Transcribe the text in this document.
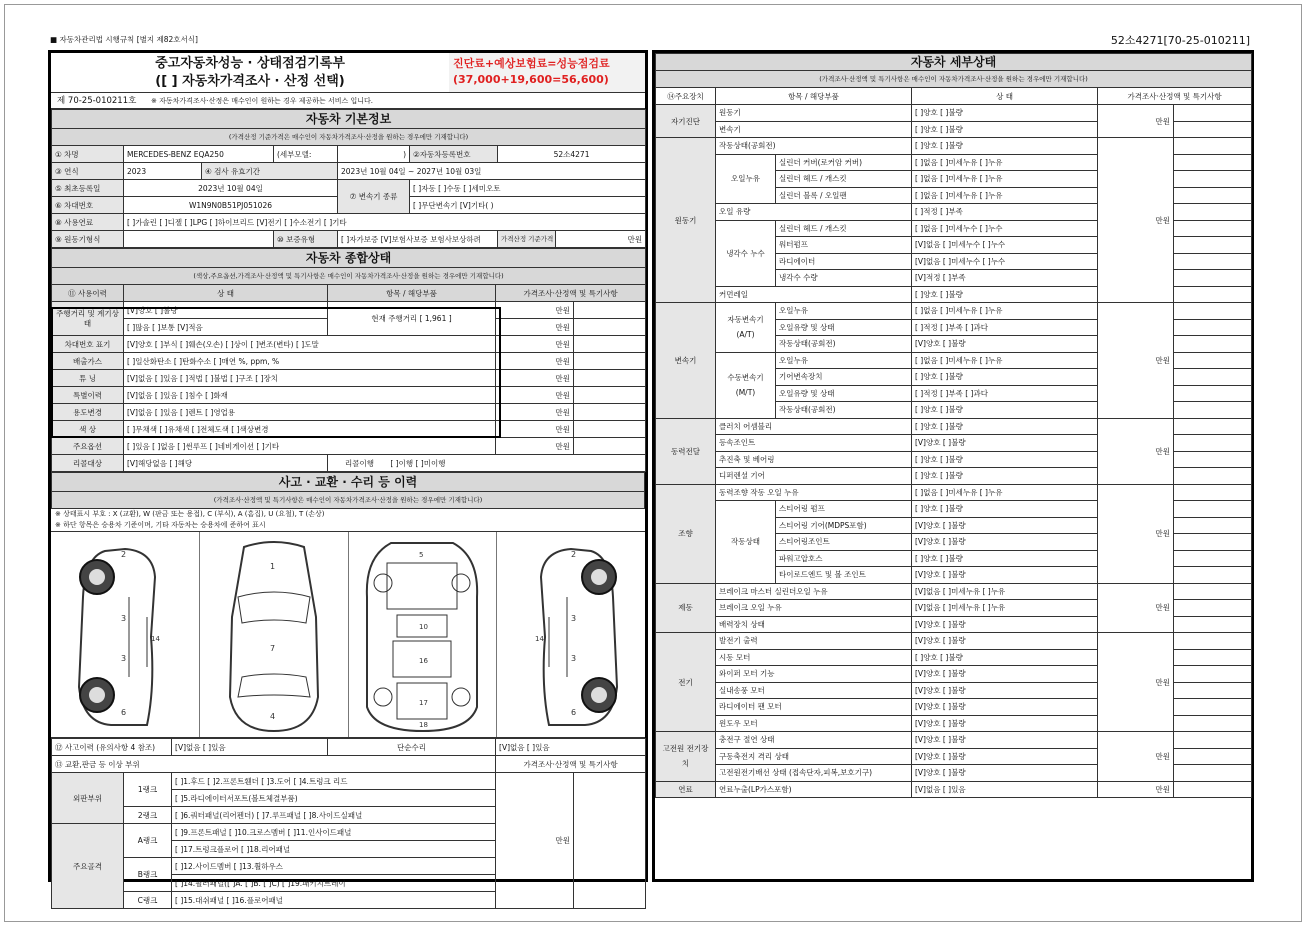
■ 자동차관리법 시행규칙 [별지 제82호서식]	52소4271[70-25-010211]
중고자동차성능 · 상태점검기록부
([ ] 자동차가격조사 · 산정 선택)
진단료+예상보험료=성능점검료
(37,000+19,600=56,600)
제 70-25-010211호 ※ 자동차가격조사·산정은 매수인이 원하는 경우 제공하는 서비스 입니다.
자동차 기본정보							
(가격산정 기준가격은 매수인이 자동차가격조사·산정을 원하는 경우에만 기재합니다)							
① 차명	MERCEDES-BENZ EQA250		(세부모델:	)	②자동차등록번호	52소4271	
③ 연식	2023	④ 검사 유효기간		2023년 10월 04일 ~ 2027년 10월 03일			
⑤ 최초등록일	2023년 10월 04일			⑦ 변속기 종류	[ ]자동 [ ]수동 [ ]세미오토		
⑥ 차대번호	W1N9N0B51PJ051026				[ ]무단변속기 [V]기타( )		
⑧ 사용연료	[ ]가솔린 [ ]디젤 [ ]LPG [ ]하이브리드 [V]전기 [ ]수소전기 [ ]기타						
⑨ 원동기형식			⑩ 보증유형	[ ]자가보증 [V]보험사보증 보험사보상하려		가격산정 기준가격	만원
자동차 종합상태				
(색상,주요옵션,가격조사·산정액 및 특기사항은 매수인이 자동차가격조사·산정을 원하는 경우에만 기재합니다)				
⑪ 사용이력	상 태	항목 / 해당부품	가격조사·산정액 및 특기사항	
주행거리 및 계기상태	[V]양호 [ ]불량	현재 주행거리 [ 1,961 ]	만원	
	[ ]많음 [ ]보통 [V]적음		만원	
차대번호 표기	[V]양호 [ ]부식 [ ]훼손(오손) [ ]상이 [ ]변조(변타) [ ]도말		만원	
배출가스	[ ]일산화탄소 [ ]탄화수소 [ ]매연 %, ppm, %		만원	
튜 닝	[V]없음 [ ]있음 [ ]적법 [ ]불법 [ ]구조 [ ]장치		만원	
특별이력	[V]없음 [ ]있음 [ ]침수 [ ]화재		만원	
용도변경	[V]없음 [ ]있음 [ ]렌트 [ ]영업용		만원	
색 상	[ ]무채색 [ ]유채색 [ ]전체도색 [ ]색상변경		만원	
주요옵션	[ ]있음 [ ]없음 [ ]썬루프 [ ]네비게이션 [ ]기타		만원	
리콜대상	[V]해당없음 [ ]해당	리콜이행 [ ]이행 [ ]미이행		
사고 · 교환 · 수리 등 이력
(가격조사·산정액 및 특기사항은 매수인이 자동차가격조사·산정을 원하는 경우에만 기재합니다)
※ 상태표시 부호 : X (교환), W (판금 또는 용접), C (부식), A (흠집), U (요철), T (손상)
※ 하단 항목은 승용차 기준이며, 기타 자동차는 승용차에 준하여 표시
2
3
3
6
14
1
7
4
5
10
16
17
18
2
3
3
6
14
⑫ 사고이력 (유의사항 4 참조)		[V]없음 [ ]있음	단순수리	[V]없음 [ ]있음	
⑬ 교환,판금 등 이상 부위				가격조사·산정액 및 특기사항	
외판부위	1랭크	[ ]1.후드 [ ]2.프론트휀더 [ ]3.도어 [ ]4.트렁크 리드		만원	
		[ ]5.라디에이터서포트(볼트체결부품)			
	2랭크	[ ]6.쿼터패널(리어펜더) [ ]7.루프패널 [ ]8.사이드실패널			
주요골격	A랭크	[ ]9.프론트패널 [ ]10.크로스멤버 [ ]11.인사이드패널			
		[ ]17.트렁크플로어 [ ]18.리어패널			
	B랭크	[ ]12.사이드멤버 [ ]13.휠하우스			
		[ ]14.필러패널([ ]A. [ ]B. [ ]C) [ ]19.패키지트레이			
	C랭크	[ ]15.대쉬패널 [ ]16.플로어패널			
자동차 세부상태					
(가격조사·산정액 및 특기사항은 매수인이 자동차가격조사·산정을 원하는 경우에만 기재합니다)					
⑭주요장치	항목 / 해당부품		상 태	가격조사·산정액 및 특기사항	
자기진단	원동기		[ ]양호 [ ]불량	만원	
	변속기		[ ]양호 [ ]불량		
원동기	작동상태(공회전)		[ ]양호 [ ]불량	만원	
	오일누유	실린더 커버(로커암 커버)	[ ]없음 [ ]미세누유 [ ]누유		
		실린더 헤드 / 개스킷	[ ]없음 [ ]미세누유 [ ]누유		
		실린더 블록 / 오일팬	[ ]없음 [ ]미세누유 [ ]누유		
	오일 유량		[ ]적정 [ ]부족		
	냉각수 누수	실린더 헤드 / 개스킷	[ ]없음 [ ]미세누수 [ ]누수		
		워터펌프	[V]없음 [ ]미세누수 [ ]누수		
		라디에이터	[V]없음 [ ]미세누수 [ ]누수		
		냉각수 수량	[V]적정 [ ]부족		
	커먼레일		[ ]양호 [ ]불량		
변속기	자동변속기 (A/T)	오일누유	[ ]없음 [ ]미세누유 [ ]누유	만원	
		오일유량 및 상태	[ ]적정 [ ]부족 [ ]과다		
		작동상태(공회전)	[V]양호 [ ]불량		
	수동변속기 (M/T)	오일누유	[ ]없음 [ ]미세누유 [ ]누유		
		기어변속장치	[ ]양호 [ ]불량		
		오일유량 및 상태	[ ]적정 [ ]부족 [ ]과다		
		작동상태(공회전)	[ ]양호 [ ]불량		
동력전달	클러치 어셈블리		[ ]양호 [ ]불량	만원	
	등속조인트		[V]양호 [ ]불량		
	추진축 및 베어링		[ ]양호 [ ]불량		
	디퍼렌셜 기어		[ ]양호 [ ]불량		
조향	동력조향 작동 오일 누유		[ ]없음 [ ]미세누유 [ ]누유	만원	
	작동상태	스티어링 펌프	[ ]양호 [ ]불량		
		스티어링 기어(MDPS포함)	[V]양호 [ ]불량		
		스티어링조인트	[V]양호 [ ]불량		
		파워고압호스	[ ]양호 [ ]불량		
		타이로드엔드 및 볼 조인트	[V]양호 [ ]불량		
제동	브레이크 마스터 실린더오일 누유		[V]없음 [ ]미세누유 [ ]누유	만원	
	브레이크 오일 누유		[V]없음 [ ]미세누유 [ ]누유		
	배력장치 상태		[V]양호 [ ]불량		
전기	발전기 출력		[V]양호 [ ]불량	만원	
	시동 모터		[ ]양호 [ ]불량		
	와이퍼 모터 기능		[V]양호 [ ]불량		
	실내송풍 모터		[V]양호 [ ]불량		
	라디에이터 팬 모터		[V]양호 [ ]불량		
	윈도우 모터		[V]양호 [ ]불량		
고전원 전기장치	충전구 절연 상태		[V]양호 [ ]불량	만원	
	구동축전지 격리 상태		[V]양호 [ ]불량		
	고전원전기배선 상태 (접속단자,피복,보호기구)		[V]양호 [ ]불량		
연료	연료누출(LP가스포함)		[V]없음 [ ]있음	만원	
